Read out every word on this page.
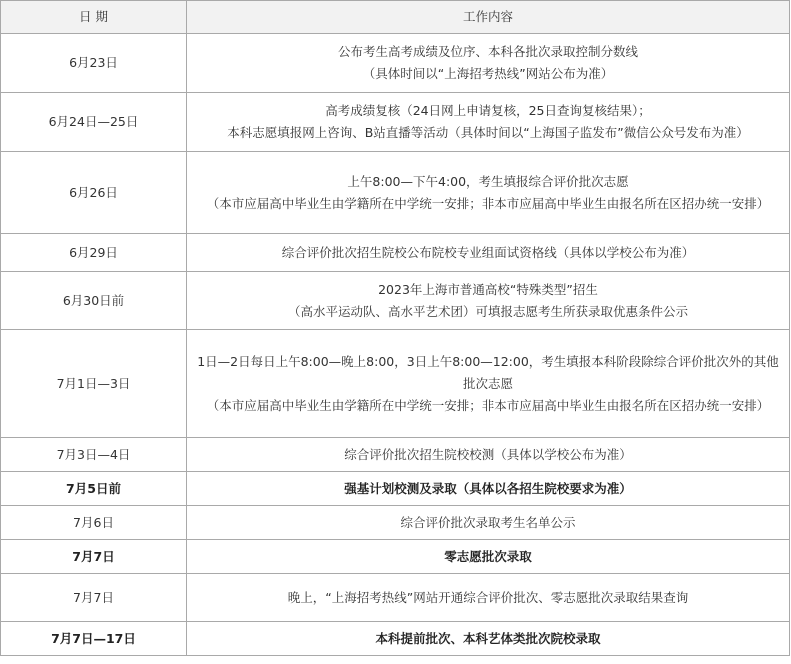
日 期	工作内容
6月23日	公布考生高考成绩及位序、本科各批次录取控制分数线
（具体时间以“上海招考热线”网站公布为准）

6月24日—25日	高考成绩复核（24日网上申请复核，25日查询复核结果）；
本科志愿填报网上咨询、B站直播等活动（具体时间以“上海国子监发布”微信公众号发布为准）

6月26日	上午8:00—下午4:00，考生填报综合评价批次志愿
（本市应届高中毕业生由学籍所在中学统一安排；非本市应届高中毕业生由报名所在区招办统一安排）

6月29日	综合评价批次招生院校公布院校专业组面试资格线（具体以学校公布为准）

6月30日前	2023年上海市普通高校“特殊类型”招生
（高水平运动队、高水平艺术团）可填报志愿考生所获录取优惠条件公示

7月1日—3日	1日—2日每日上午8:00—晚上8:00，3日上午8:00—12:00，考生填报本科阶段除综合评价批次外的其他批次志愿
（本市应届高中毕业生由学籍所在中学统一安排；非本市应届高中毕业生由报名所在区招办统一安排）

7月3日—4日	综合评价批次招生院校校测（具体以学校公布为准）

7月5日前	强基计划校测及录取（具体以各招生院校要求为准）

7月6日	综合评价批次录取考生名单公示

7月7日	零志愿批次录取

7月7日	晚上，“上海招考热线”网站开通综合评价批次、零志愿批次录取结果查询

7月7日—17日	本科提前批次、本科艺体类批次院校录取
